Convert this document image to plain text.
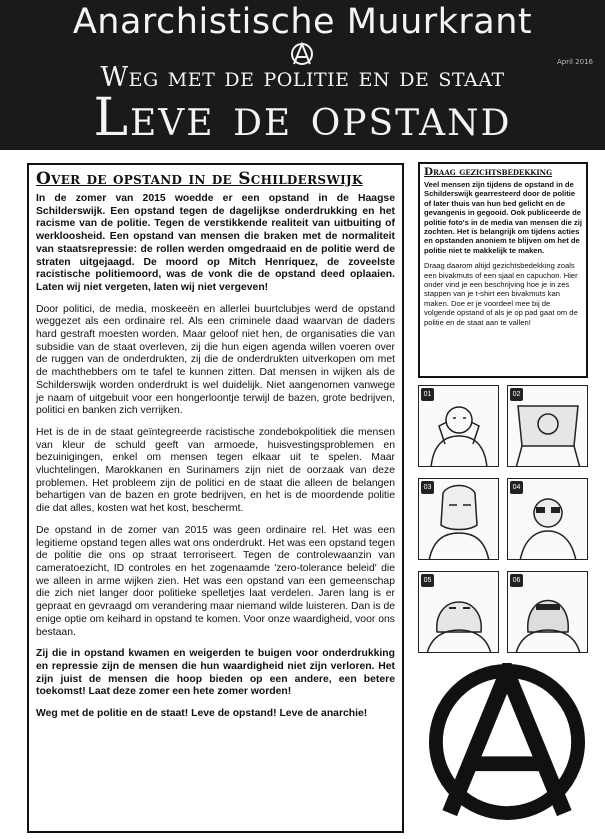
Anarchistische Muurkrant
April 2016
Weg met de politie en de staat
Leve de opstand
Over de opstand in de Schilderswijk

In de zomer van 2015 woedde er een opstand in de Haagse Schilderswijk. Een opstand tegen de dagelijkse onderdrukking en het racisme van de politie. Tegen de verstikkende realiteit van uitbuiting of werkloosheid. Een opstand van mensen die braken met de normaliteit van staatsrepressie: de rollen werden omgedraaid en de politie werd de straten uitgejaagd. De moord op Mitch Henriquez, de zoveelste racistische politiemoord, was de vonk die de opstand deed oplaaien. Laten wij niet vergeten, laten wij niet vergeven!

Door politici, de media, moskeeën en allerlei buurtclubjes werd de opstand weggezet als een ordinaire rel. Als een criminele daad waarvan de daders hard gestraft moesten worden. Maar geloof niet hen, de organisaties die van subsidie van de staat overleven, zij die hun eigen agenda willen voeren over de ruggen van de onderdrukten, zij die de onderdrukten uitverkopen om met de machthebbers om te tafel te kunnen zitten. Dat mensen in wijken als de Schilderswijk worden onderdrukt is wel duidelijk. Niet aangenomen vanwege je naam of uitgebuit voor een hongerloontje terwijl de bazen, grote bedrijven, politici en banken zich verrijken.

Het is de in de staat geïntegreerde racistische zondebokpolitiek die mensen van kleur de schuld geeft van armoede, huisvestingsproblemen en bezuinigingen, enkel om mensen tegen elkaar uit te spelen. Maar vluchtelingen, Marokkanen en Surinamers zijn niet de oorzaak van deze problemen. Het probleem zijn de politici en de staat die alleen de belangen behartigen van de bazen en grote bedrijven, en het is de moordende politie die dat alles, kosten wat het kost, beschermt.

De opstand in de zomer van 2015 was geen ordinaire rel. Het was een legitieme opstand tegen alles wat ons onderdrukt. Het was een opstand tegen de politie die ons op straat terroriseert. Tegen de controlewaanzin van cameratoezicht, ID controles en het zogenaamde 'zero-tolerance beleid' die we alleen in arme wijken zien. Het was een opstand van een gemeenschap die zich niet langer door politieke spelletjes laat verdelen. Jaren lang is er gepraat en gevraagd om verandering maar niemand wilde luisteren. Dan is de enige optie om keihard in opstand te komen. Voor onze waardigheid, voor ons bestaan.

Zij die in opstand kwamen en weigerden te buigen voor onderdrukking en repressie zijn de mensen die hun waardigheid niet zijn verloren. Het zijn juist de mensen die hoop bieden op een andere, een betere toekomst! Laat deze zomer een hete zomer worden!

Weg met de politie en de staat! Leve de opstand! Leve de anarchie!

Draag gezichtsbedekking

Veel mensen zijn tijdens de opstand in de Schilderswijk gearresteerd door de politie of later thuis van hun bed gelicht en de gevangenis in gegooid. Ook publiceerde de politie foto's in de media van mensen die zij zochten. Het is belangrijk om tijdens acties en opstanden anoniem te blijven om het de politie niet te makkelijk te maken.

Draag daarom altijd gezichtsbedekking zoals een bivakmuts of een sjaal en capuchon. Hier onder vind je een beschrijving hoe je in zes stappen van je t-shirt een bivakmuts kan maken. Doe er je voordeel mee bij de volgende opstand of als je op pad gaat om de politie en de staat aan te vallen!

01	02
03	04
05	06
